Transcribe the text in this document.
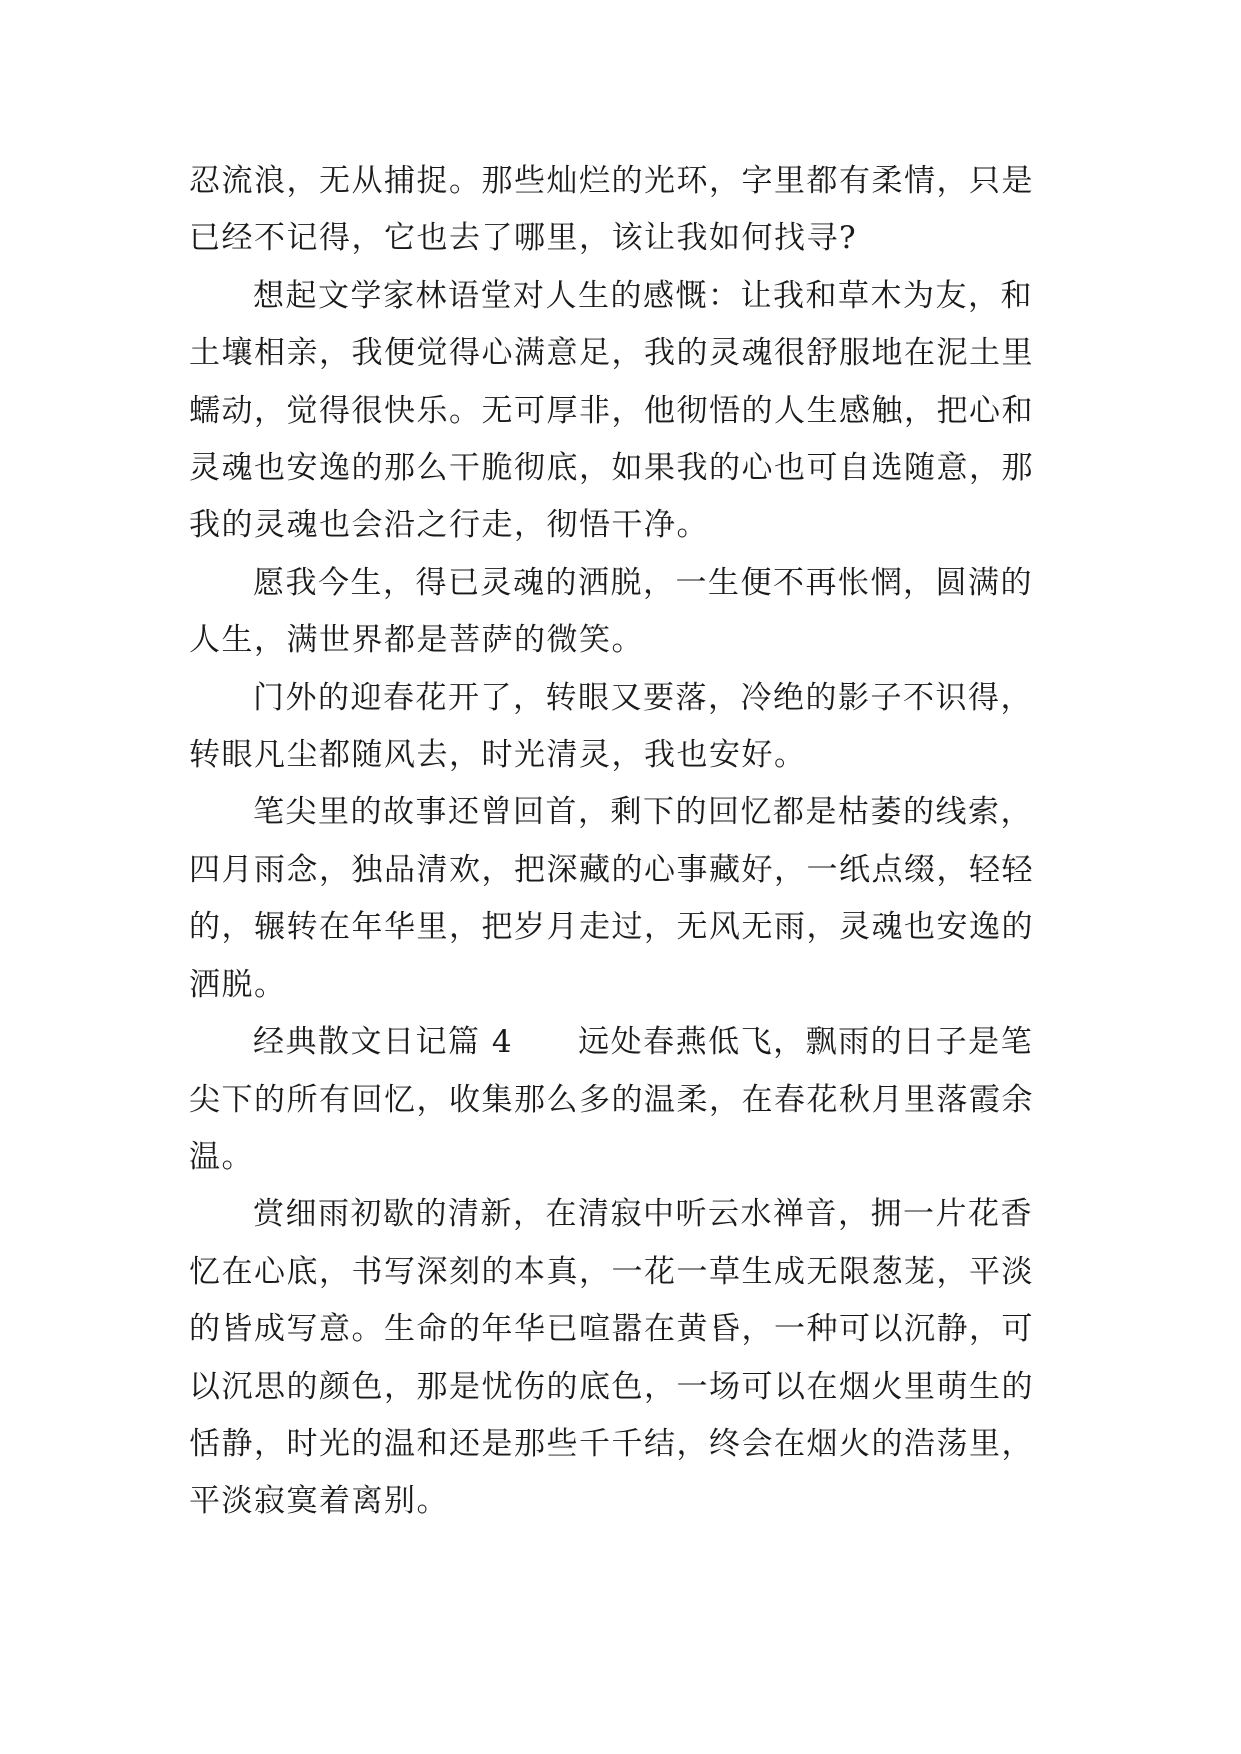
忍流浪，无从捕捉。那些灿烂的光环，字里都有柔情，只是
已经不记得，它也去了哪里，该让我如何找寻?

想起文学家林语堂对人生的感慨：让我和草木为友，和
土壤相亲，我便觉得心满意足，我的灵魂很舒服地在泥土里
蠕动，觉得很快乐。无可厚非，他彻悟的人生感触，把心和
灵魂也安逸的那么干脆彻底，如果我的心也可自选随意，那
我的灵魂也会沿之行走，彻悟干净。

愿我今生，得已灵魂的洒脱，一生便不再怅惘，圆满的
人生，满世界都是菩萨的微笑。

门外的迎春花开了，转眼又要落，冷绝的影子不识得，
转眼凡尘都随风去，时光清灵，我也安好。

笔尖里的故事还曾回首，剩下的回忆都是枯萎的线索，
四月雨念，独品清欢，把深藏的心事藏好，一纸点缀，轻轻
的，辗转在年华里，把岁月走过，无风无雨，灵魂也安逸的
洒脱。

经典散文日记篇 4　　远处春燕低飞，飘雨的日子是笔
尖下的所有回忆，收集那么多的温柔，在春花秋月里落霞余
温。

赏细雨初歇的清新，在清寂中听云水禅音，拥一片花香
忆在心底，书写深刻的本真，一花一草生成无限葱茏，平淡
的皆成写意。生命的年华已喧嚣在黄昏，一种可以沉静，可
以沉思的颜色，那是忧伤的底色，一场可以在烟火里萌生的
恬静，时光的温和还是那些千千结，终会在烟火的浩荡里，
平淡寂寞着离别。
